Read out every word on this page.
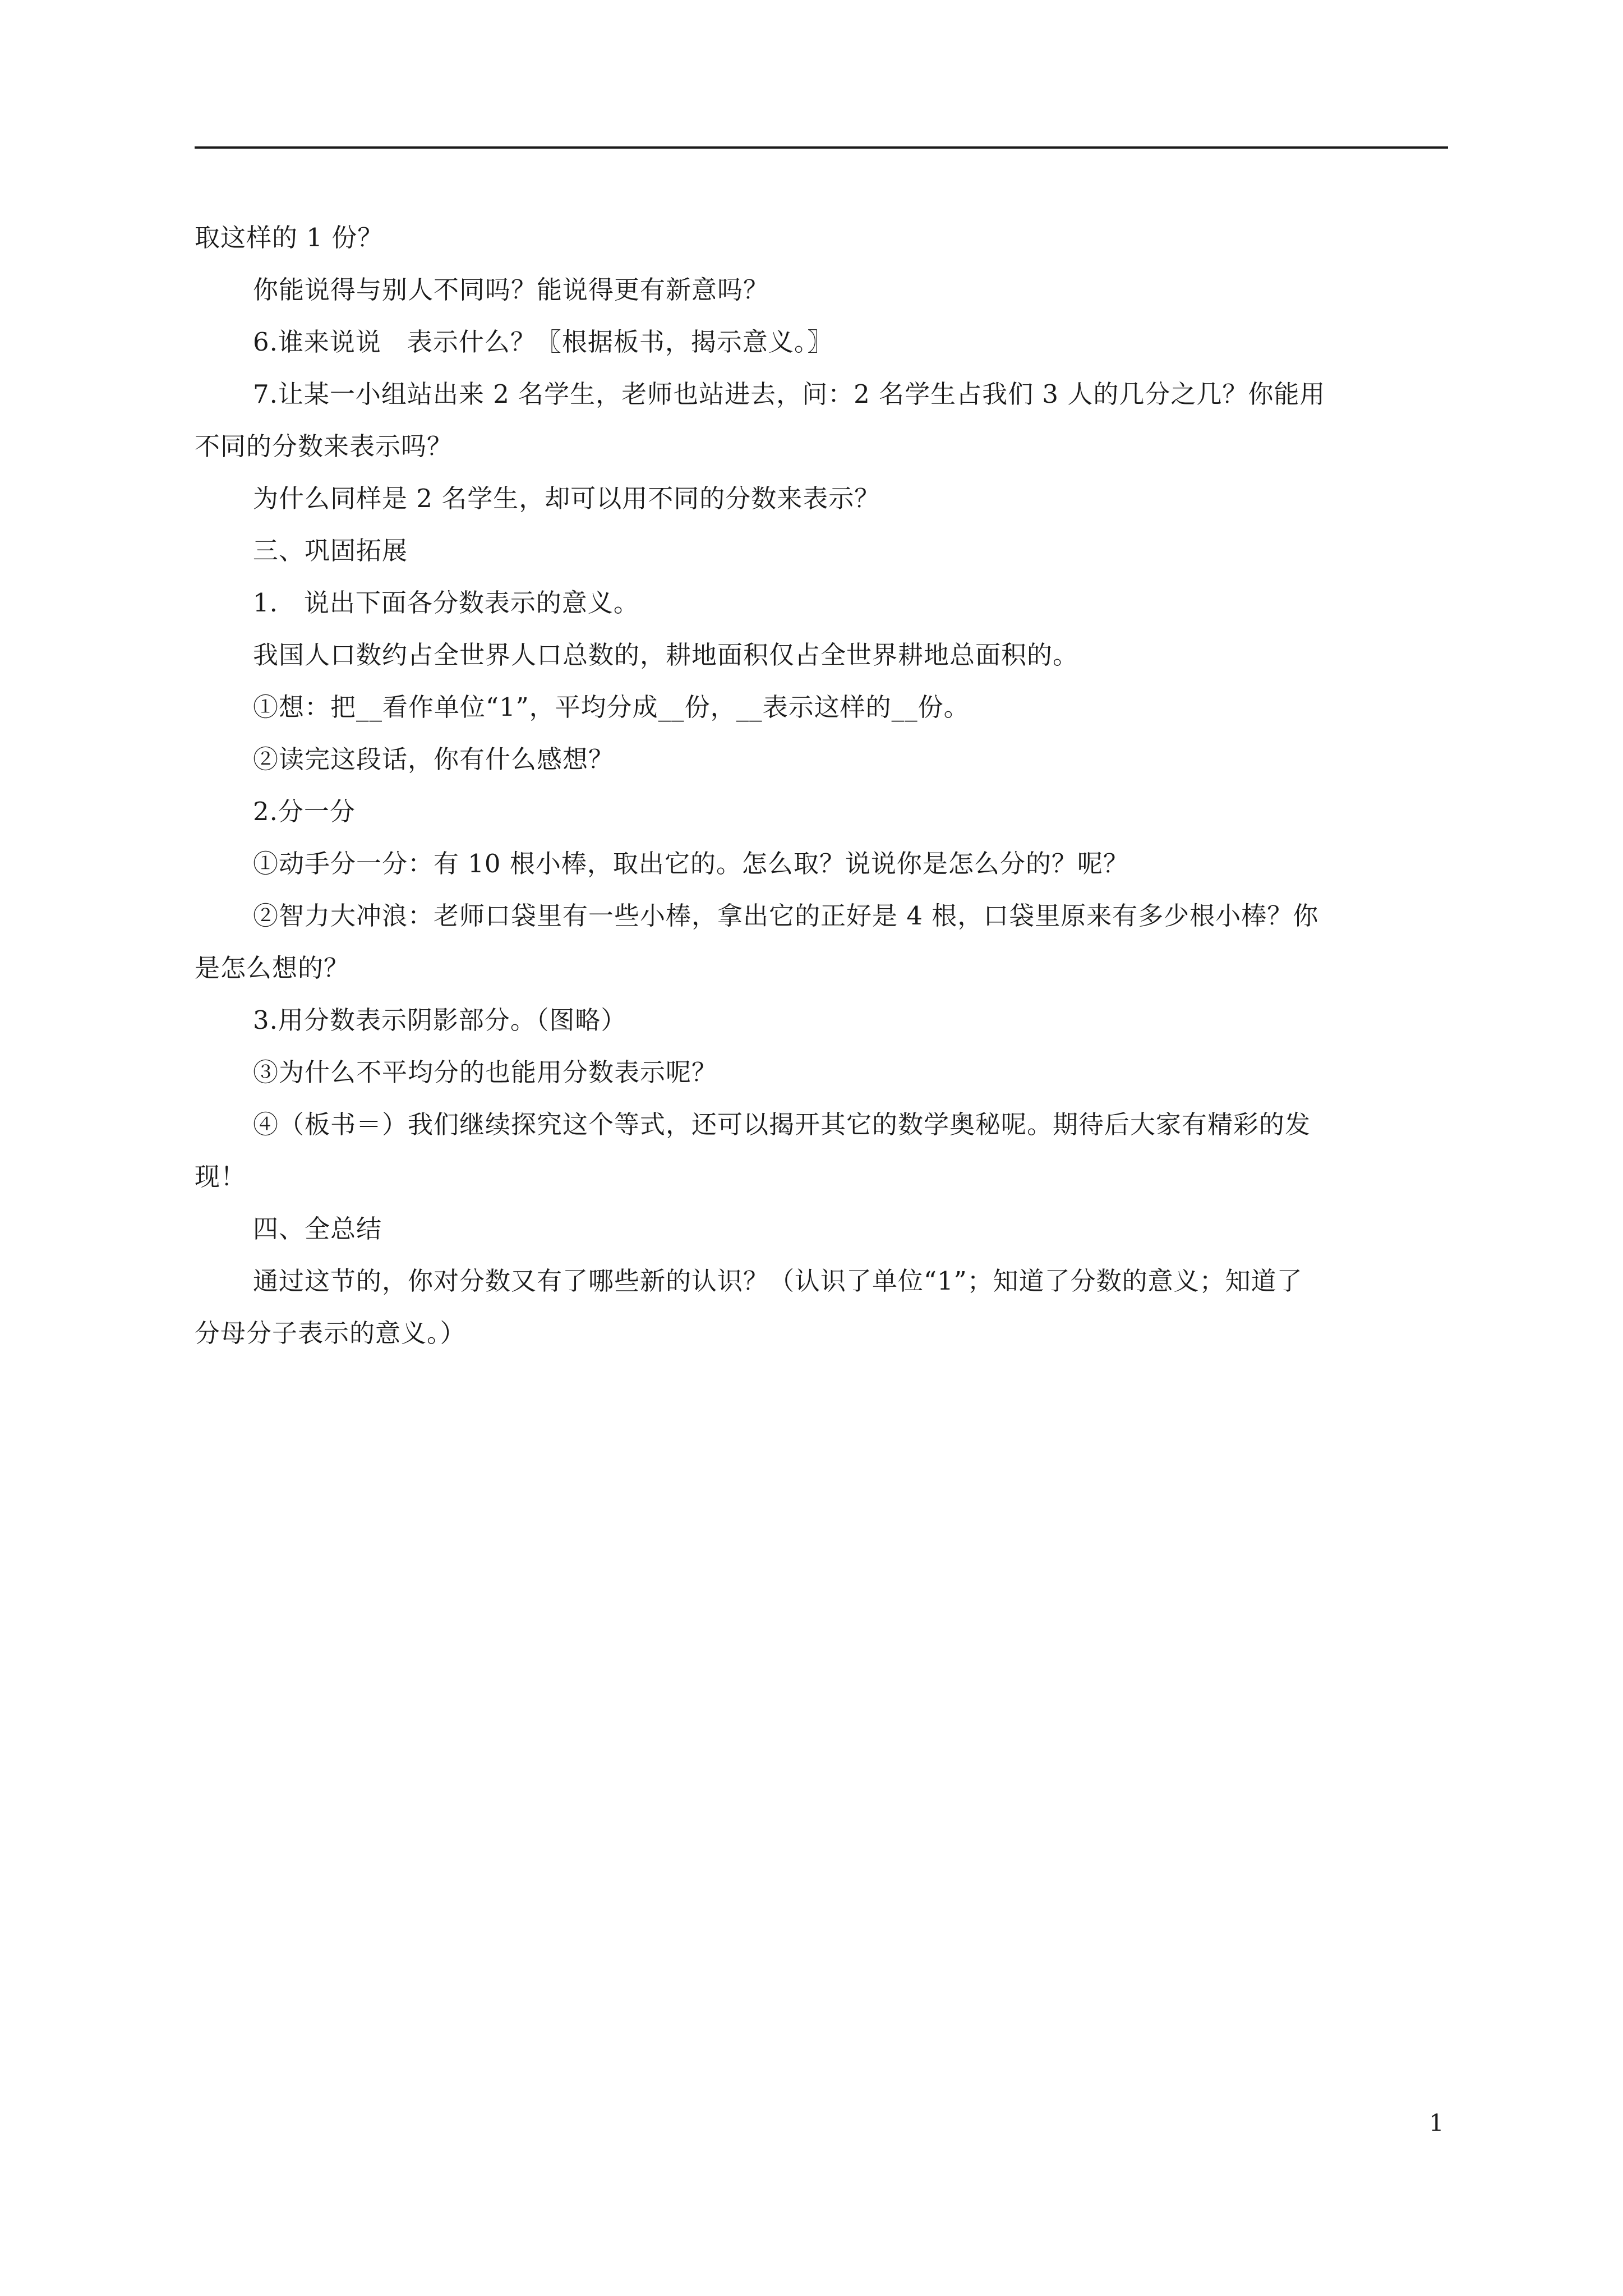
取这样的 1 份？
你能说得与别人不同吗？能说得更有新意吗？
6.谁来说说　表示什么？〖根据板书，揭示意义。〗
7.让某一小组站出来 2 名学生，老师也站进去，问：2 名学生占我们 3 人的几分之几？你能用
不同的分数来表示吗？
为什么同样是 2 名学生，却可以用不同的分数来表示？
三、巩固拓展
1.　说出下面各分数表示的意义。
我国人口数约占全世界人口总数的，耕地面积仅占全世界耕地总面积的。
①想：把__看作单位“1”，平均分成__份，__表示这样的__份。
②读完这段话，你有什么感想？
2.分一分
①动手分一分：有 10 根小棒，取出它的。怎么取？说说你是怎么分的？呢？
②智力大冲浪：老师口袋里有一些小棒，拿出它的正好是 4 根，口袋里原来有多少根小棒？你
是怎么想的？
3.用分数表示阴影部分。（图略）
③为什么不平均分的也能用分数表示呢？
④（板书＝）我们继续探究这个等式，还可以揭开其它的数学奥秘呢。期待后大家有精彩的发
现！
四、全总结
通过这节的，你对分数又有了哪些新的认识？（认识了单位“1”；知道了分数的意义；知道了
分母分子表示的意义。）
1
